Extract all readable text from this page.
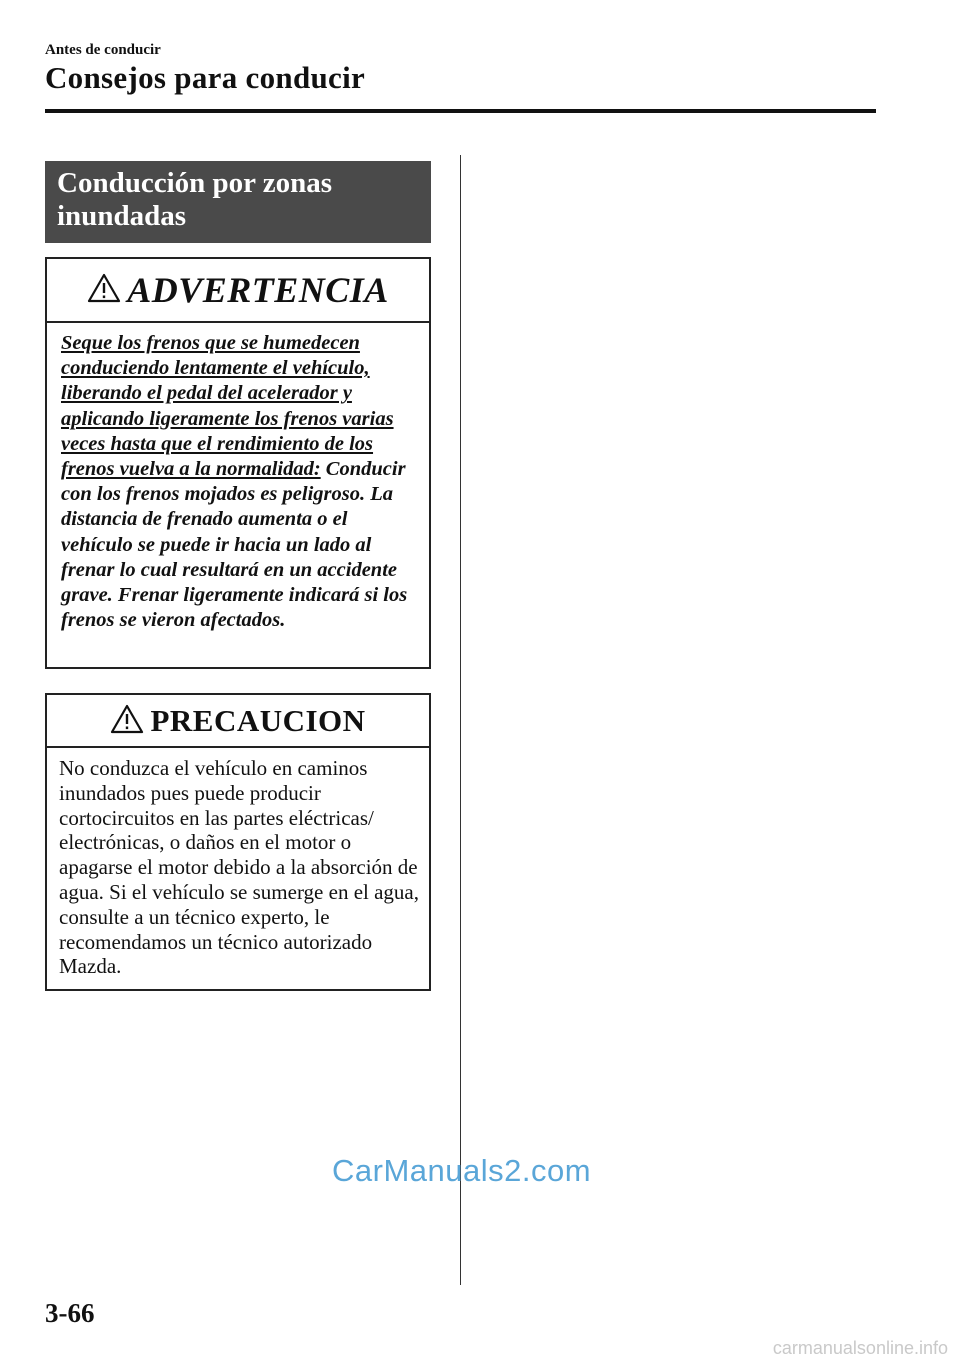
Antes de conducir
Consejos para conducir
Conducción por zonas inundadas
ADVERTENCIA
Seque los frenos que se humedecen conduciendo lentamente el vehículo, liberando el pedal del acelerador y aplicando ligeramente los frenos varias veces hasta que el rendimiento de los frenos vuelva a la normalidad: Conducir con los frenos mojados es peligroso. La distancia de frenado aumenta o el vehículo se puede ir hacia un lado al frenar lo cual resultará en un accidente grave. Frenar ligeramente indicará si los frenos se vieron afectados.
PRECAUCION
No conduzca el vehículo en caminos inundados pues puede producir cortocircuitos en las partes eléctricas/ electrónicas, o daños en el motor o apagarse el motor debido a la absorción de agua. Si el vehículo se sumerge en el agua, consulte a un técnico experto, le recomendamos un técnico autorizado Mazda.
CarManuals2.com
3-66
carmanualsonline.info
